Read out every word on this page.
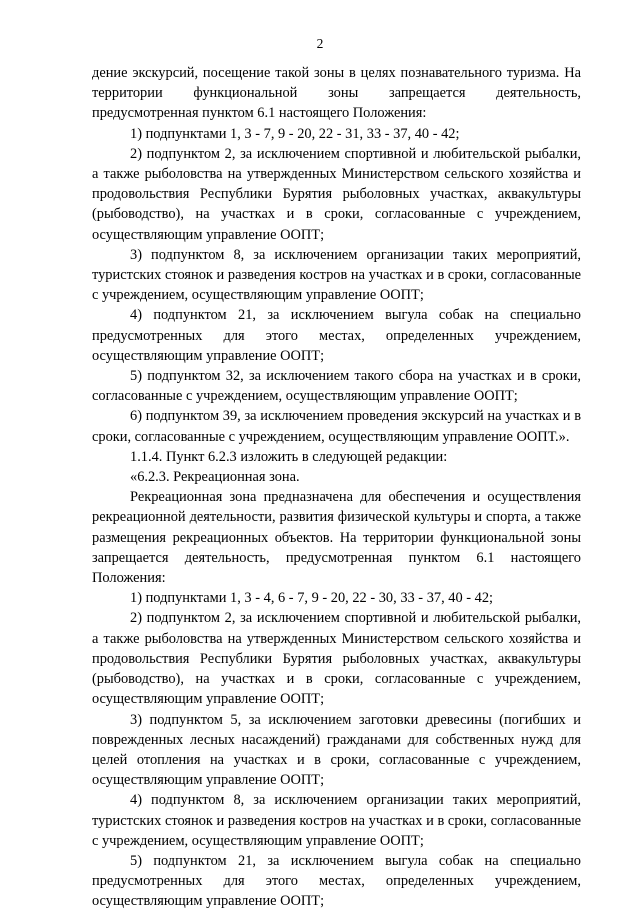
2

дение экскурсий, посещение такой зоны в целях познавательного туризма. На территории функциональной зоны запрещается деятельность, предусмотренная пунктом 6.1 настоящего Положения:

1) подпунктами 1, 3 - 7, 9 - 20, 22 - 31, 33 - 37, 40 - 42;

2) подпунктом 2, за исключением спортивной и любительской рыбалки, а также рыболовства на утвержденных Министерством сельского хозяйства и продовольствия Республики Бурятия рыболовных участках, аквакультуры (рыбоводство), на участках и в сроки, согласованные с учреждением, осуществляющим управление ООПТ;

3) подпунктом 8, за исключением организации таких мероприятий, туристских стоянок и разведения костров на участках и в сроки, согласованные с учреждением, осуществляющим управление ООПТ;

4) подпунктом 21, за исключением выгула собак на специально предусмотренных для этого местах, определенных учреждением, осуществляющим управление ООПТ;

5) подпунктом 32, за исключением такого сбора на участках и в сроки, согласованные с учреждением, осуществляющим управление ООПТ;

6) подпунктом 39, за исключением проведения экскурсий на участках и в сроки, согласованные с учреждением, осуществляющим управление ООПТ.».

1.1.4. Пункт 6.2.3 изложить в следующей редакции:

«6.2.3. Рекреационная зона.

Рекреационная зона предназначена для обеспечения и осуществления рекреационной деятельности, развития физической культуры и спорта, а также размещения рекреационных объектов. На территории функциональной зоны запрещается деятельность, предусмотренная пунктом 6.1 настоящего Положения:

1) подпунктами 1, 3 - 4, 6 - 7, 9 - 20, 22 - 30, 33 - 37, 40 - 42;

2) подпунктом 2, за исключением спортивной и любительской рыбалки, а также рыболовства на утвержденных Министерством сельского хозяйства и продовольствия Республики Бурятия рыболовных участках, аквакультуры (рыбоводство), на участках и в сроки, согласованные с учреждением, осуществляющим управление ООПТ;

3) подпунктом 5, за исключением заготовки древесины (погибших и поврежденных лесных насаждений) гражданами для собственных нужд для целей отопления на участках и в сроки, согласованные с учреждением, осуществляющим управление ООПТ;

4) подпунктом 8, за исключением организации таких мероприятий, туристских стоянок и разведения костров на участках и в сроки, согласованные с учреждением, осуществляющим управление ООПТ;

5) подпунктом 21, за исключением выгула собак на специально предусмотренных для этого местах, определенных учреждением, осуществляющим управление ООПТ;
